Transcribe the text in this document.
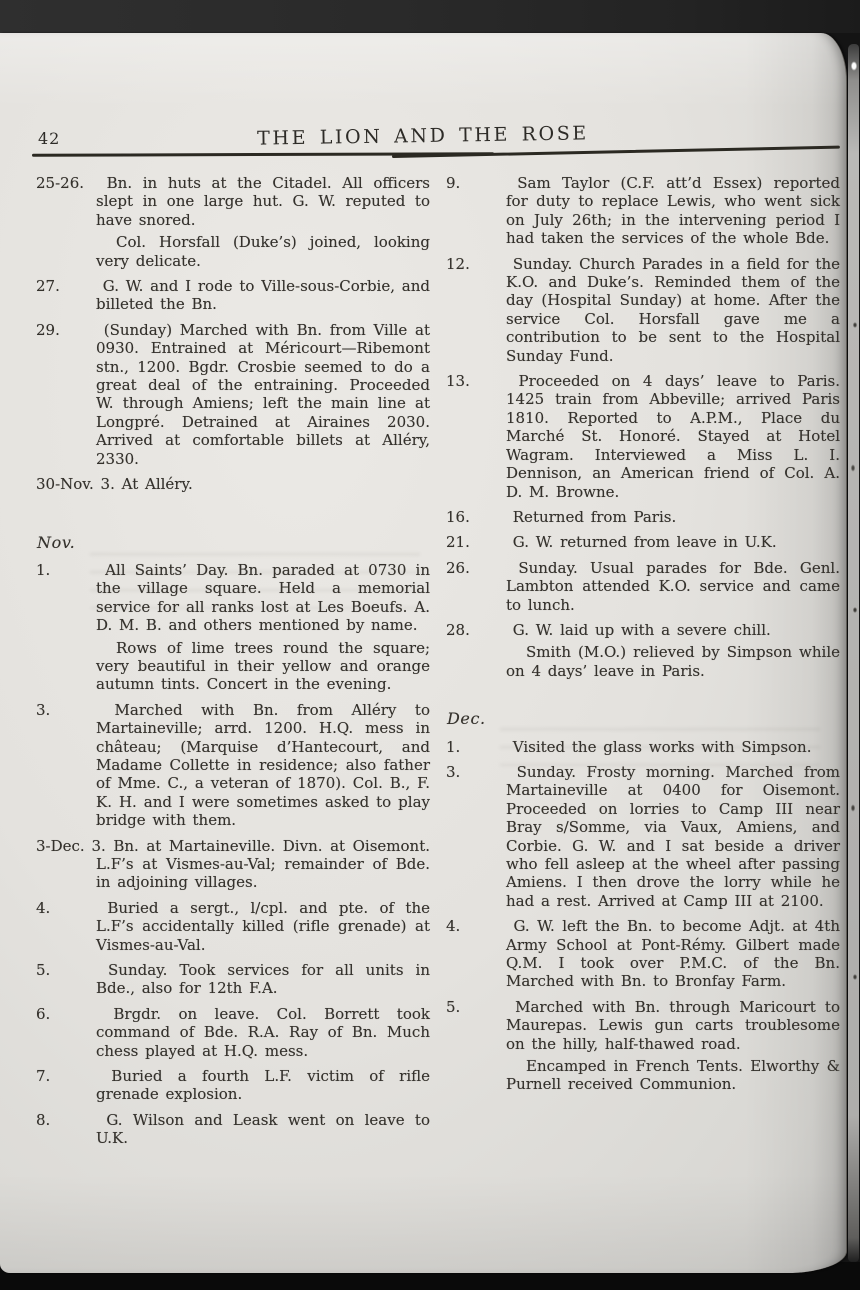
42	THE LION AND THE ROSE

25-26. Bn. in huts at the Citadel. All officers slept in one large hut. G. W. reputed to have snored.

Col. Horsfall (Duke’s) joined, looking very delicate.

27. G. W. and I rode to Ville-sous-Corbie, and billeted the Bn.

29. (Sunday) Marched with Bn. from Ville at 0930. Entrained at Méricourt—Ribemont stn., 1200. Bgdr. Crosbie seemed to do a great deal of the entraining. Proceeded W. through Amiens; left the main line at Longpré. Detrained at Airaines 2030. Arrived at comfortable billets at Alléry, 2330.

30-Nov. 3. At Alléry.

Nov.

1.	All Saints’ Day. Bn. paraded at 0730 in the village square. Held a memorial service for all ranks lost at Les Boeufs. A. D. M. B. and others mentioned by name.

Rows of lime trees round the square; very beautiful in their yellow and orange autumn tints. Concert in the evening.

3.	Marched with Bn. from Alléry to Martaineville; arrd. 1200. H.Q. mess in château; (Marquise d’Hantecourt, and Madame Collette in residence; also father of Mme. C., a veteran of 1870). Col. B., F. K. H. and I were sometimes asked to play bridge with them.

3-Dec. 3. Bn. at Martaineville. Divn. at Oisemont. L.F’s at Vismes-au-Val; remainder of Bde. in adjoining villages.

4.	Buried a sergt., l/cpl. and pte. of the L.F’s accidentally killed (rifle grenade) at Vismes-au-Val.

5.	Sunday. Took services for all units in Bde., also for 12th F.A.

6.	Brgdr. on leave. Col. Borrett took command of Bde. R.A. Ray of Bn. Much chess played at H.Q. mess.

7.	Buried a fourth L.F. victim of rifle grenade explosion.

8.	G. Wilson and Leask went on leave to U.K.

9.	Sam Taylor (C.F. att’d Essex) reported for duty to replace Lewis, who went sick on July 26th; in the intervening period I had taken the services of the whole Bde.

12. Sunday. Church Parades in a field for the K.O. and Duke’s. Reminded them of the day (Hospital Sunday) at home. After the service Col. Horsfall gave me a contribution to be sent to the Hospital Sunday Fund.

13. Proceeded on 4 days’ leave to Paris. 1425 train from Abbeville; arrived Paris 1810. Reported to A.P.M., Place du Marché St. Honoré. Stayed at Hotel Wagram. Interviewed a Miss L. I. Dennison, an American friend of Col. A. D. M. Browne.

16. Returned from Paris.

21. G. W. returned from leave in U.K.

26. Sunday. Usual parades for Bde. Genl. Lambton attended K.O. service and came to lunch.

28. G. W. laid up with a severe chill.

Smith (M.O.) relieved by Simpson while on 4 days’ leave in Paris.

Dec.

1.	Visited the glass works with Simpson.

3.	Sunday. Frosty morning. Marched from Martaineville at 0400 for Oisemont. Proceeded on lorries to Camp III near Bray s/Somme, via Vaux, Amiens, and Corbie. G. W. and I sat beside a driver who fell asleep at the wheel after passing Amiens. I then drove the lorry while he had a rest. Arrived at Camp III at 2100.

4.	G. W. left the Bn. to become Adjt. at 4th Army School at Pont-Rémy. Gilbert made Q.M. I took over P.M.C. of the Bn. Marched with Bn. to Bronfay Farm.

5.	Marched with Bn. through Maricourt to Maurepas. Lewis gun carts troublesome on the hilly, half-thawed road.

Encamped in French Tents. Elworthy & Purnell received Communion.
